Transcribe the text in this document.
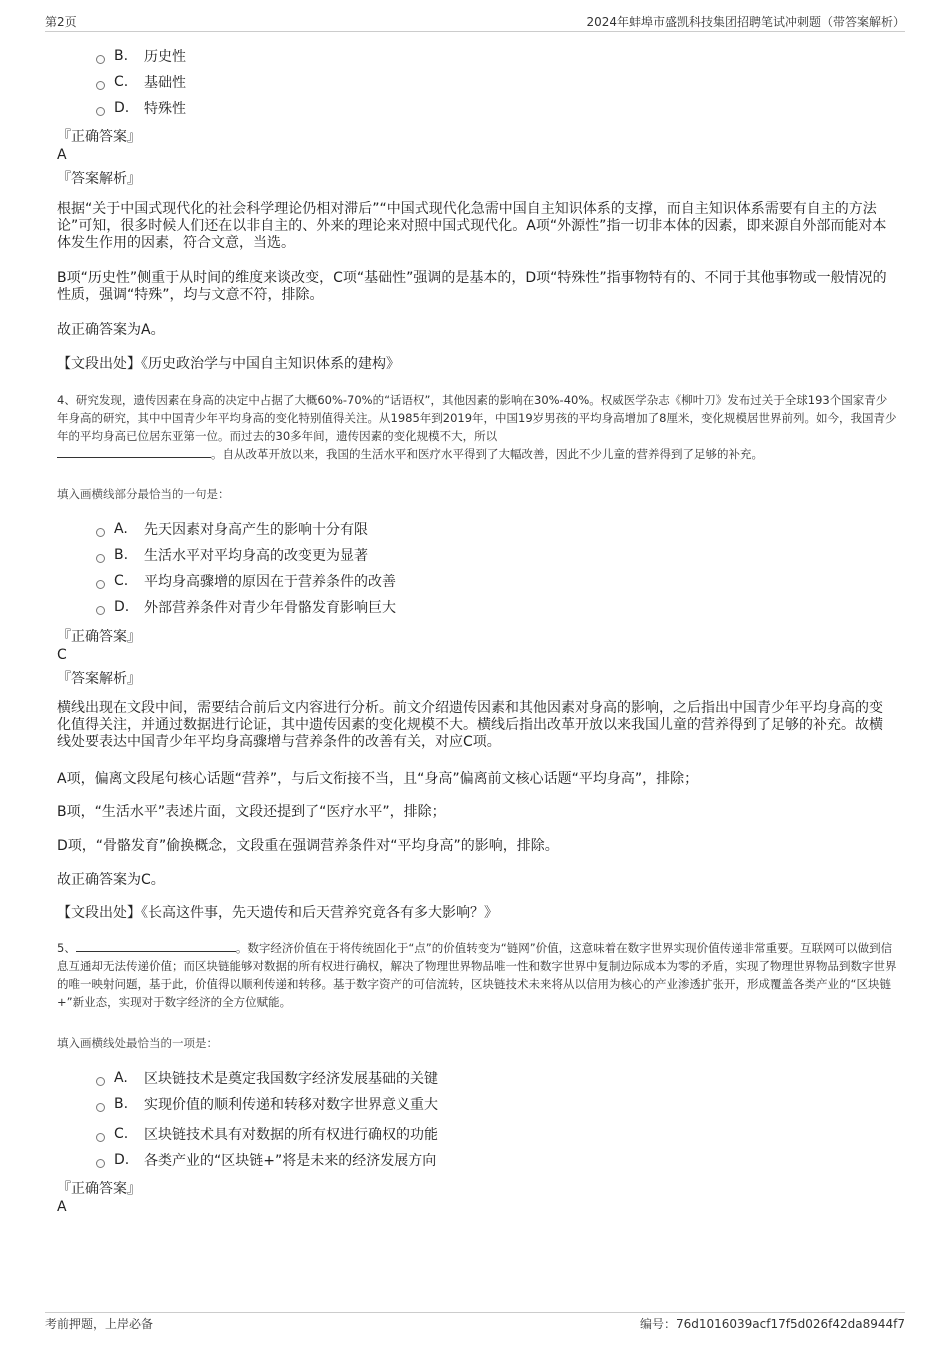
第2页	2024年蚌埠市盛凯科技集团招聘笔试冲刺题（带答案解析）
B.	历史性
C.	基础性
D.	特殊性
『正确答案』
A
『答案解析』
根据“关于中国式现代化的社会科学理论仍相对滞后”“中国式现代化急需中国自主知识体系的支撑，而自主知识体系需要有自主的方法论”可知，很多时候人们还在以非自主的、外来的理论来对照中国式现代化。A项“外源性”指一切非本体的因素，即来源自外部而能对本体发生作用的因素，符合文意，当选。
B项“历史性”侧重于从时间的维度来谈改变，C项“基础性”强调的是基本的，D项“特殊性”指事物特有的、不同于其他事物或一般情况的性质，强调“特殊”，均与文意不符，排除。
故正确答案为A。
【文段出处】《历史政治学与中国自主知识体系的建构》
4、研究发现，遗传因素在身高的决定中占据了大概60%-70%的“话语权”，其他因素的影响在30%-40%。权威医学杂志《柳叶刀》发布过关于全球193个国家青少年身高的研究，其中中国青少年平均身高的变化特别值得关注。从1985年到2019年，中国19岁男孩的平均身高增加了8厘米，变化规模居世界前列。如今，我国青少年的平均身高已位居东亚第一位。而过去的30多年间，遗传因素的变化规模不大，所以
。自从改革开放以来，我国的生活水平和医疗水平得到了大幅改善，因此不少儿童的营养得到了足够的补充。
填入画横线部分最恰当的一句是：
A.	先天因素对身高产生的影响十分有限
B.	生活水平对平均身高的改变更为显著
C.	平均身高骤增的原因在于营养条件的改善
D.	外部营养条件对青少年骨骼发育影响巨大
『正确答案』
C
『答案解析』
横线出现在文段中间，需要结合前后文内容进行分析。前文介绍遗传因素和其他因素对身高的影响，之后指出中国青少年平均身高的变化值得关注，并通过数据进行论证，其中遗传因素的变化规模不大。横线后指出改革开放以来我国儿童的营养得到了足够的补充。故横线处要表达中国青少年平均身高骤增与营养条件的改善有关，对应C项。
A项，偏离文段尾句核心话题“营养”，与后文衔接不当，且“身高”偏离前文核心话题“平均身高”，排除；
B项，“生活水平”表述片面，文段还提到了“医疗水平”，排除；
D项，“骨骼发育”偷换概念，文段重在强调营养条件对“平均身高”的影响，排除。
故正确答案为C。
【文段出处】《长高这件事，先天遗传和后天营养究竟各有多大影响？》
5、	。数字经济价值在于将传统固化于“点”的价值转变为“链网”价值，这意味着在数字世界实现价值传递非常重要。互联网可以做到信息互通却无法传递价值；而区块链能够对数据的所有权进行确权，解决了物理世界物品唯一性和数字世界中复制边际成本为零的矛盾，实现了物理世界物品到数字世界的唯一映射问题，基于此，价值得以顺利传递和转移。基于数字资产的可信流转，区块链技术未来将从以信用为核心的产业渗透扩张开，形成覆盖各类产业的“区块链+”新业态，实现对于数字经济的全方位赋能。
填入画横线处最恰当的一项是：
A.	区块链技术是奠定我国数字经济发展基础的关键
B.	实现价值的顺利传递和转移对数字世界意义重大
C.	区块链技术具有对数据的所有权进行确权的功能
D.	各类产业的“区块链+”将是未来的经济发展方向
『正确答案』
A
考前押题，上岸必备	编号：76d1016039acf17f5d026f42da8944f7
